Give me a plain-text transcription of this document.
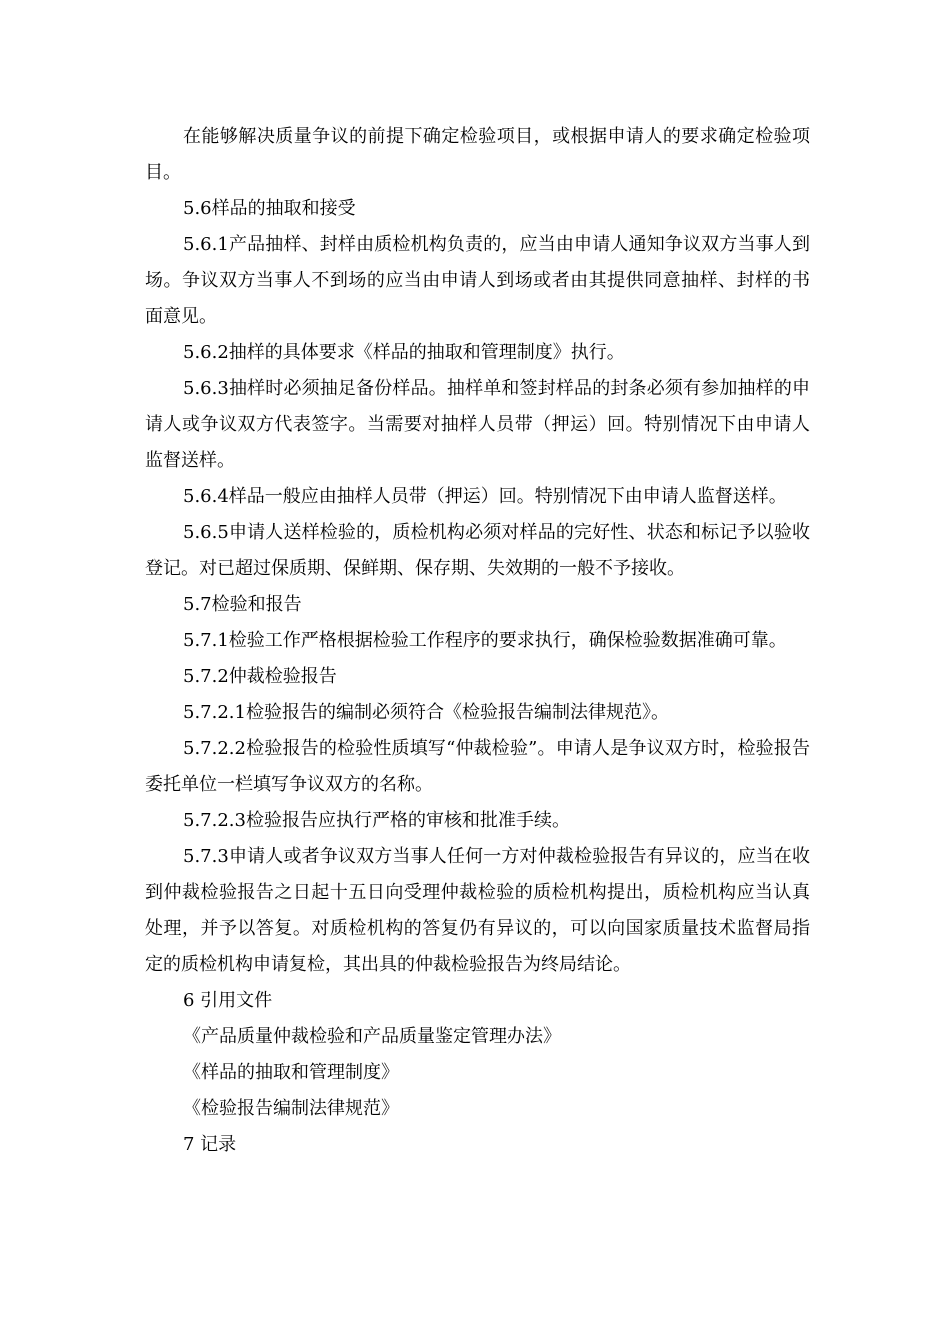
在能够解决质量争议的前提下确定检验项目，或根据申请人的要求确定检验项目。

5.6样品的抽取和接受

5.6.1产品抽样、封样由质检机构负责的，应当由申请人通知争议双方当事人到场。争议双方当事人不到场的应当由申请人到场或者由其提供同意抽样、封样的书面意见。

5.6.2抽样的具体要求《样品的抽取和管理制度》执行。

5.6.3抽样时必须抽足备份样品。抽样单和签封样品的封条必须有参加抽样的申请人或争议双方代表签字。当需要对抽样人员带（押运）回。特别情况下由申请人监督送样。

5.6.4样品一般应由抽样人员带（押运）回。特别情况下由申请人监督送样。

5.6.5申请人送样检验的，质检机构必须对样品的完好性、状态和标记予以验收登记。对已超过保质期、保鲜期、保存期、失效期的一般不予接收。

5.7检验和报告

5.7.1检验工作严格根据检验工作程序的要求执行，确保检验数据准确可靠。

5.7.2仲裁检验报告

5.7.2.1检验报告的编制必须符合《检验报告编制法律规范》。

5.7.2.2检验报告的检验性质填写“仲裁检验”。申请人是争议双方时，检验报告委托单位一栏填写争议双方的名称。

5.7.2.3检验报告应执行严格的审核和批准手续。

5.7.3申请人或者争议双方当事人任何一方对仲裁检验报告有异议的，应当在收到仲裁检验报告之日起十五日向受理仲裁检验的质检机构提出，质检机构应当认真处理，并予以答复。对质检机构的答复仍有异议的，可以向国家质量技术监督局指定的质检机构申请复检，其出具的仲裁检验报告为终局结论。

6 引用文件

《产品质量仲裁检验和产品质量鉴定管理办法》

《样品的抽取和管理制度》

《检验报告编制法律规范》

7 记录
